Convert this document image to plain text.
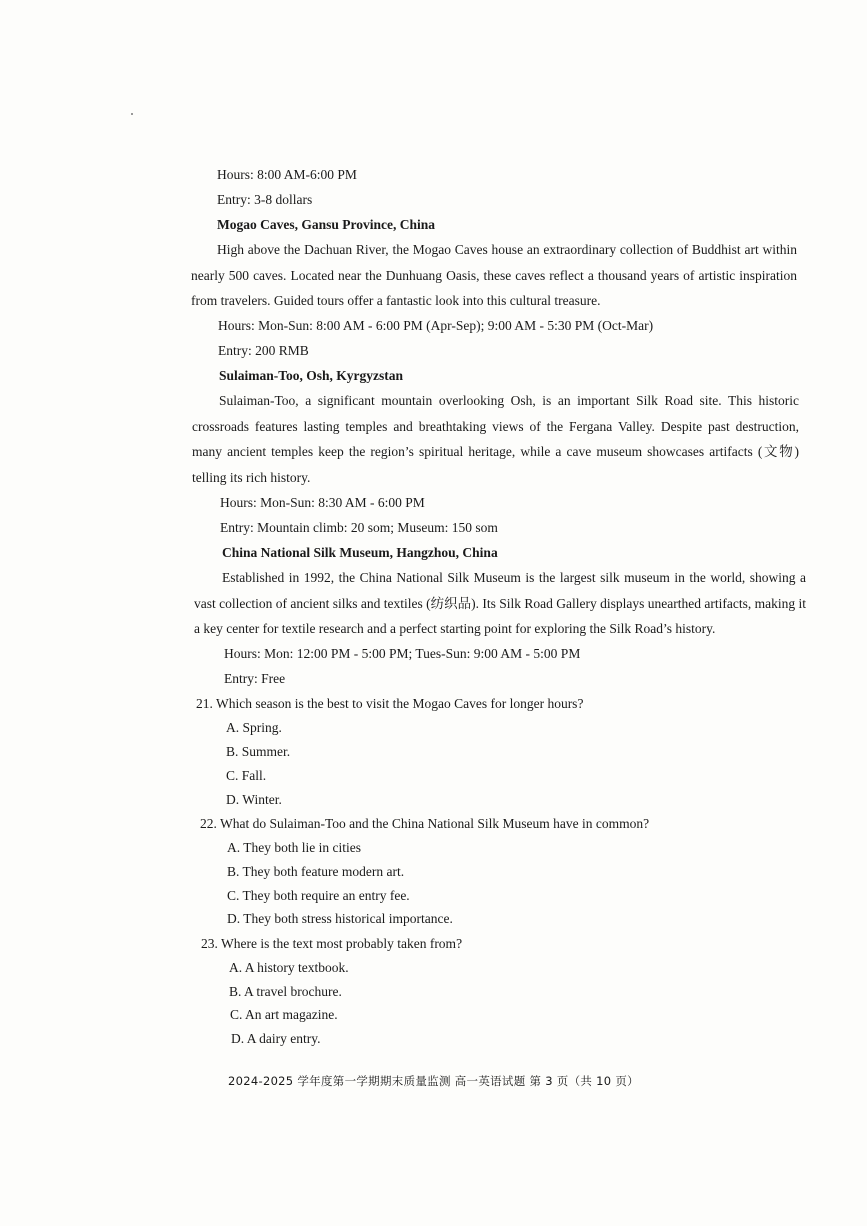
Hours: 8:00 AM-6:00 PM
Entry: 3-8 dollars
Mogao Caves, Gansu Province, China
High above the Dachuan River, the Mogao Caves house an extraordinary collection of Buddhist art within nearly 500 caves. Located near the Dunhuang Oasis, these caves reflect a thousand years of artistic inspiration from travelers. Guided tours offer a fantastic look into this cultural treasure.
Hours: Mon-Sun: 8:00 AM - 6:00 PM (Apr-Sep); 9:00 AM - 5:30 PM (Oct-Mar)
Entry: 200 RMB
Sulaiman-Too, Osh, Kyrgyzstan
Sulaiman-Too, a significant mountain overlooking Osh, is an important Silk Road site. This historic crossroads features lasting temples and breathtaking views of the Fergana Valley. Despite past destruction, many ancient temples keep the region’s spiritual heritage, while a cave museum showcases artifacts (文物) telling its rich history.
Hours: Mon-Sun: 8:30 AM - 6:00 PM
Entry: Mountain climb: 20 som; Museum: 150 som
China National Silk Museum, Hangzhou, China
Established in 1992, the China National Silk Museum is the largest silk museum in the world, showing a vast collection of ancient silks and textiles (纺织品). Its Silk Road Gallery displays unearthed artifacts, making it a key center for textile research and a perfect starting point for exploring the Silk Road’s history.
Hours: Mon: 12:00 PM - 5:00 PM; Tues-Sun: 9:00 AM - 5:00 PM
Entry: Free
21. Which season is the best to visit the Mogao Caves for longer hours?
A. Spring.
B. Summer.
C. Fall.
D. Winter.
22. What do Sulaiman-Too and the China National Silk Museum have in common?
A. They both lie in cities
B. They both feature modern art.
C. They both require an entry fee.
D. They both stress historical importance.
23. Where is the text most probably taken from?
A. A history textbook.
B. A travel brochure.
C. An art magazine.
D. A dairy entry.
2024-2025 学年度第一学期期末质量监测 高一英语试题 第 3 页（共 10 页）
